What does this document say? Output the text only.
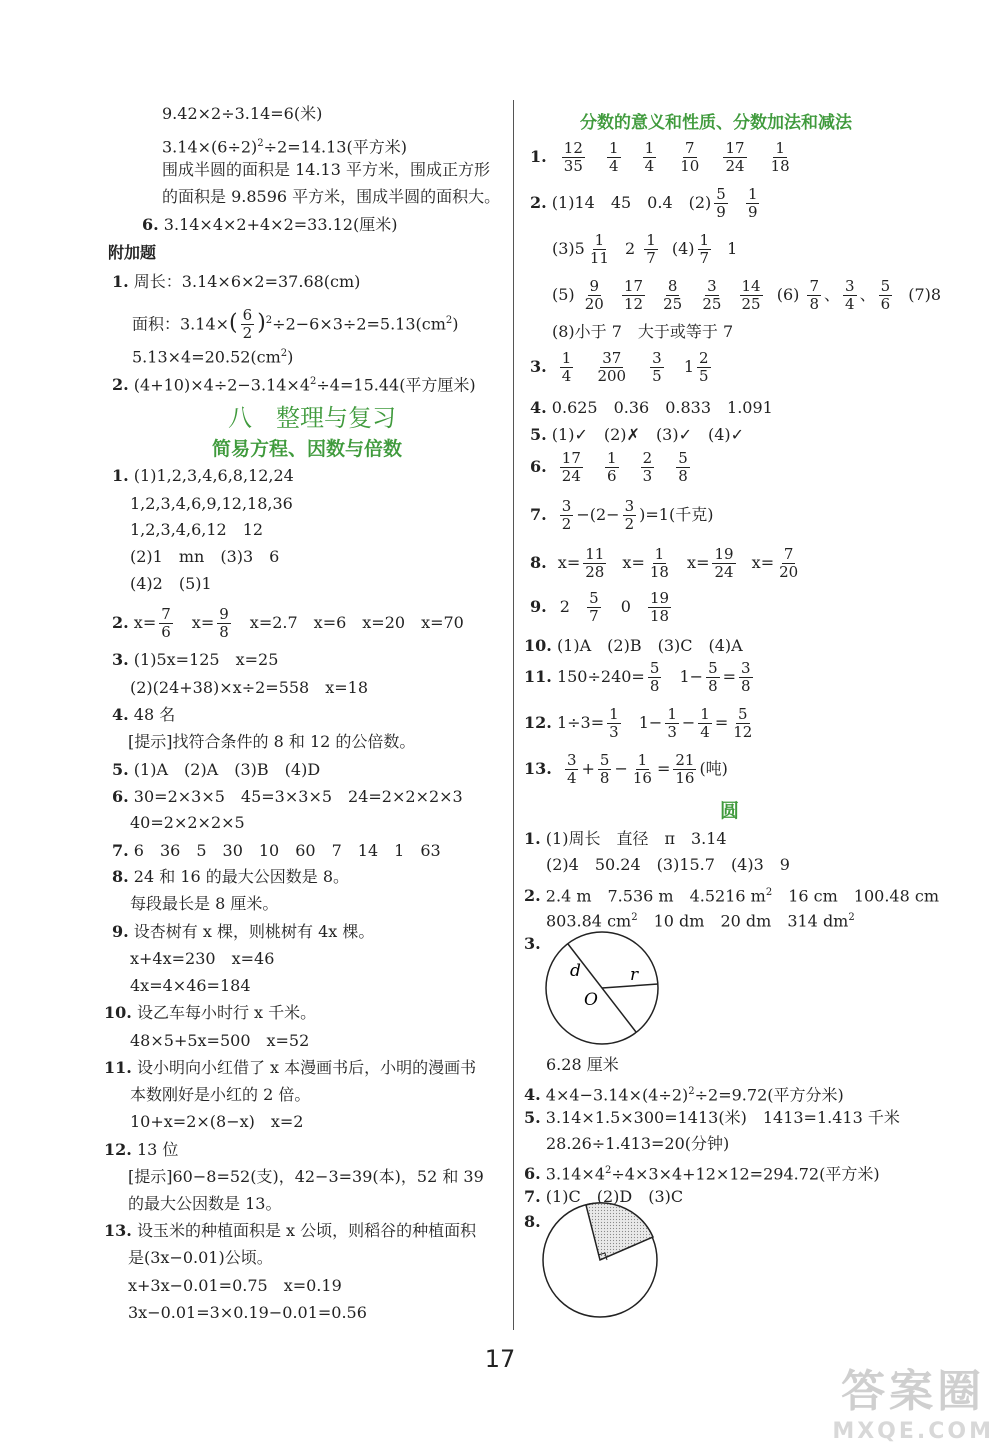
9.42×2÷3.14=6(米)
$3.14\times(6\div 2)^2\div 2=14.13$(平方米)
围成半圆的面积是 14.13 平方米，围成正方形
的面积是 9.8596 平方米，围成半圆的面积大。
6. 3.14×4×2+4×2=33.12(厘米)
附加题
1. 周长：3.14×6×2=37.68(cm)
面积：$3.14\times( \frac{6}{2} )^2\div 2-6\times 3\div 2=5.13(cm^2)$
$5.13\times 4=20.52(cm^2)$
2. $(4+10)\times 4\div 2-3.14\times 4^2\div 4=15.44$(平方厘米)
八　整理与复习
简易方程、因数与倍数
1. (1)1,2,3,4,6,8,12,24
1,2,3,4,6,9,12,18,36
1,2,3,4,6,12　12
(2)1　mn　(3)3　6
(4)2　(5)1
2. $x= \frac{7}{6}$
　 $x= \frac{9}{8}$
　 x=2.7　x=6　x=20　x=70
3. (1)5x=125　x=25
(2)(24+38)×x÷2=558　x=18
4. 48 名
[提示]找符合条件的 8 和 12 的公倍数。
5. (1)A　(2)A　(3)B　(4)D
6. 30=2×3×5　45=3×3×5　24=2×2×2×3
40=2×2×2×5
7. 6　36　5　30　10　60　7　14　1　63
8. 24 和 16 的最大公因数是 8。
每段最长是 8 厘米。
9. 设杏树有 x 棵，则桃树有 4x 棵。
x+4x=230　x=46
4x=4×46=184
10. 设乙车每小时行 x 千米。
48×5+5x=500　x=52
11. 设小明向小红借了 x 本漫画书后，小明的漫画书
本数刚好是小红的 2 倍。
10+x=2×(8−x)　x=2
12. 13 位
[提示]60−8=52(支)，42−3=39(本)，52 和 39
的最大公因数是 13。
13. 设玉米的种植面积是 x 公顷，则稻谷的种植面积
是(3x−0.01)公顷。
x+3x−0.01=0.75　x=0.19
3x−0.01=3×0.19−0.01=0.56
分数的意义和性质、分数加法和减法
1. $\frac{12}{35}$
$\frac{1}{4}$
$\frac{1}{4}$
$\frac{7}{10}$
$\frac{17}{24}$
$\frac{1}{18}$
2. (1)14　45　0.4　$(2) \frac{5}{9}$
$\frac{1}{9}$
$(3)5 \frac{1}{11} 2 \frac{1}{7} (4) \frac{1}{7} 1$
$(5) \frac{9}{20}$
$\frac{17}{12}$
$\frac{8}{25}$
$\frac{3}{25}$
$\frac{14}{25} (6) \frac{7}{8}$ 、 $\frac{3}{4}$ 、 $\frac{5}{6} (7)8$
(8)小于 7　大于或等于 7
3. $\frac{1}{4}$
$\frac{37}{200}$
$\frac{3}{5} 1 \frac{2}{5}$
4. 0.625　0.36　0.833　1.091
5. (1)✓　(2)✗　(3)✓　(4)✓
6. $\frac{17}{24}$
$\frac{1}{6}$
$\frac{2}{3}$
$\frac{5}{8}$
7. $\frac{3}{2} -(2- \frac{3}{2} )=1$(千克)
8. $x= \frac{11}{28} x= \frac{1}{18} x= \frac{19}{24} x= \frac{7}{20}$
9. $2 \frac{5}{7} 0 \frac{19}{18}$
10. (1)A　(2)B　(3)C　(4)A
11. $150\div 240= \frac{5}{8} 1- \frac{5}{8} = \frac{3}{8}$
12. $1\div 3= \frac{1}{3} 1- \frac{1}{3} - \frac{1}{4} = \frac{5}{12}$
13. $\frac{3}{4} + \frac{5}{8} - \frac{1}{16} = \frac{21}{16}$ (吨)
圆
1. (1)周长　直径　π　3.14
(2)4　50.24　(3)15.7　(4)3　9
2. 2.4 m　7.536 m　4.5216 $m^2$　 16 cm　100.48 cm
803.84 $cm^2$　 10 dm　20 dm　314 $dm^2$
3.
d	r
O
6.28 厘米
4. $4\times 4-3.14\times(4\div 2)^2\div 2=9.72$(平方分米)
5. 3.14×1.5×300=1413(米)　1413=1.413 千米
28.26÷1.413=20(分钟)
6. $3.14\times 4^2\div 4\times 3\times 4+12\times 12=294.72$(平方米)
7. (1)C　(2)D　(3)C
8.
17
答案圈
MXQE.COM
